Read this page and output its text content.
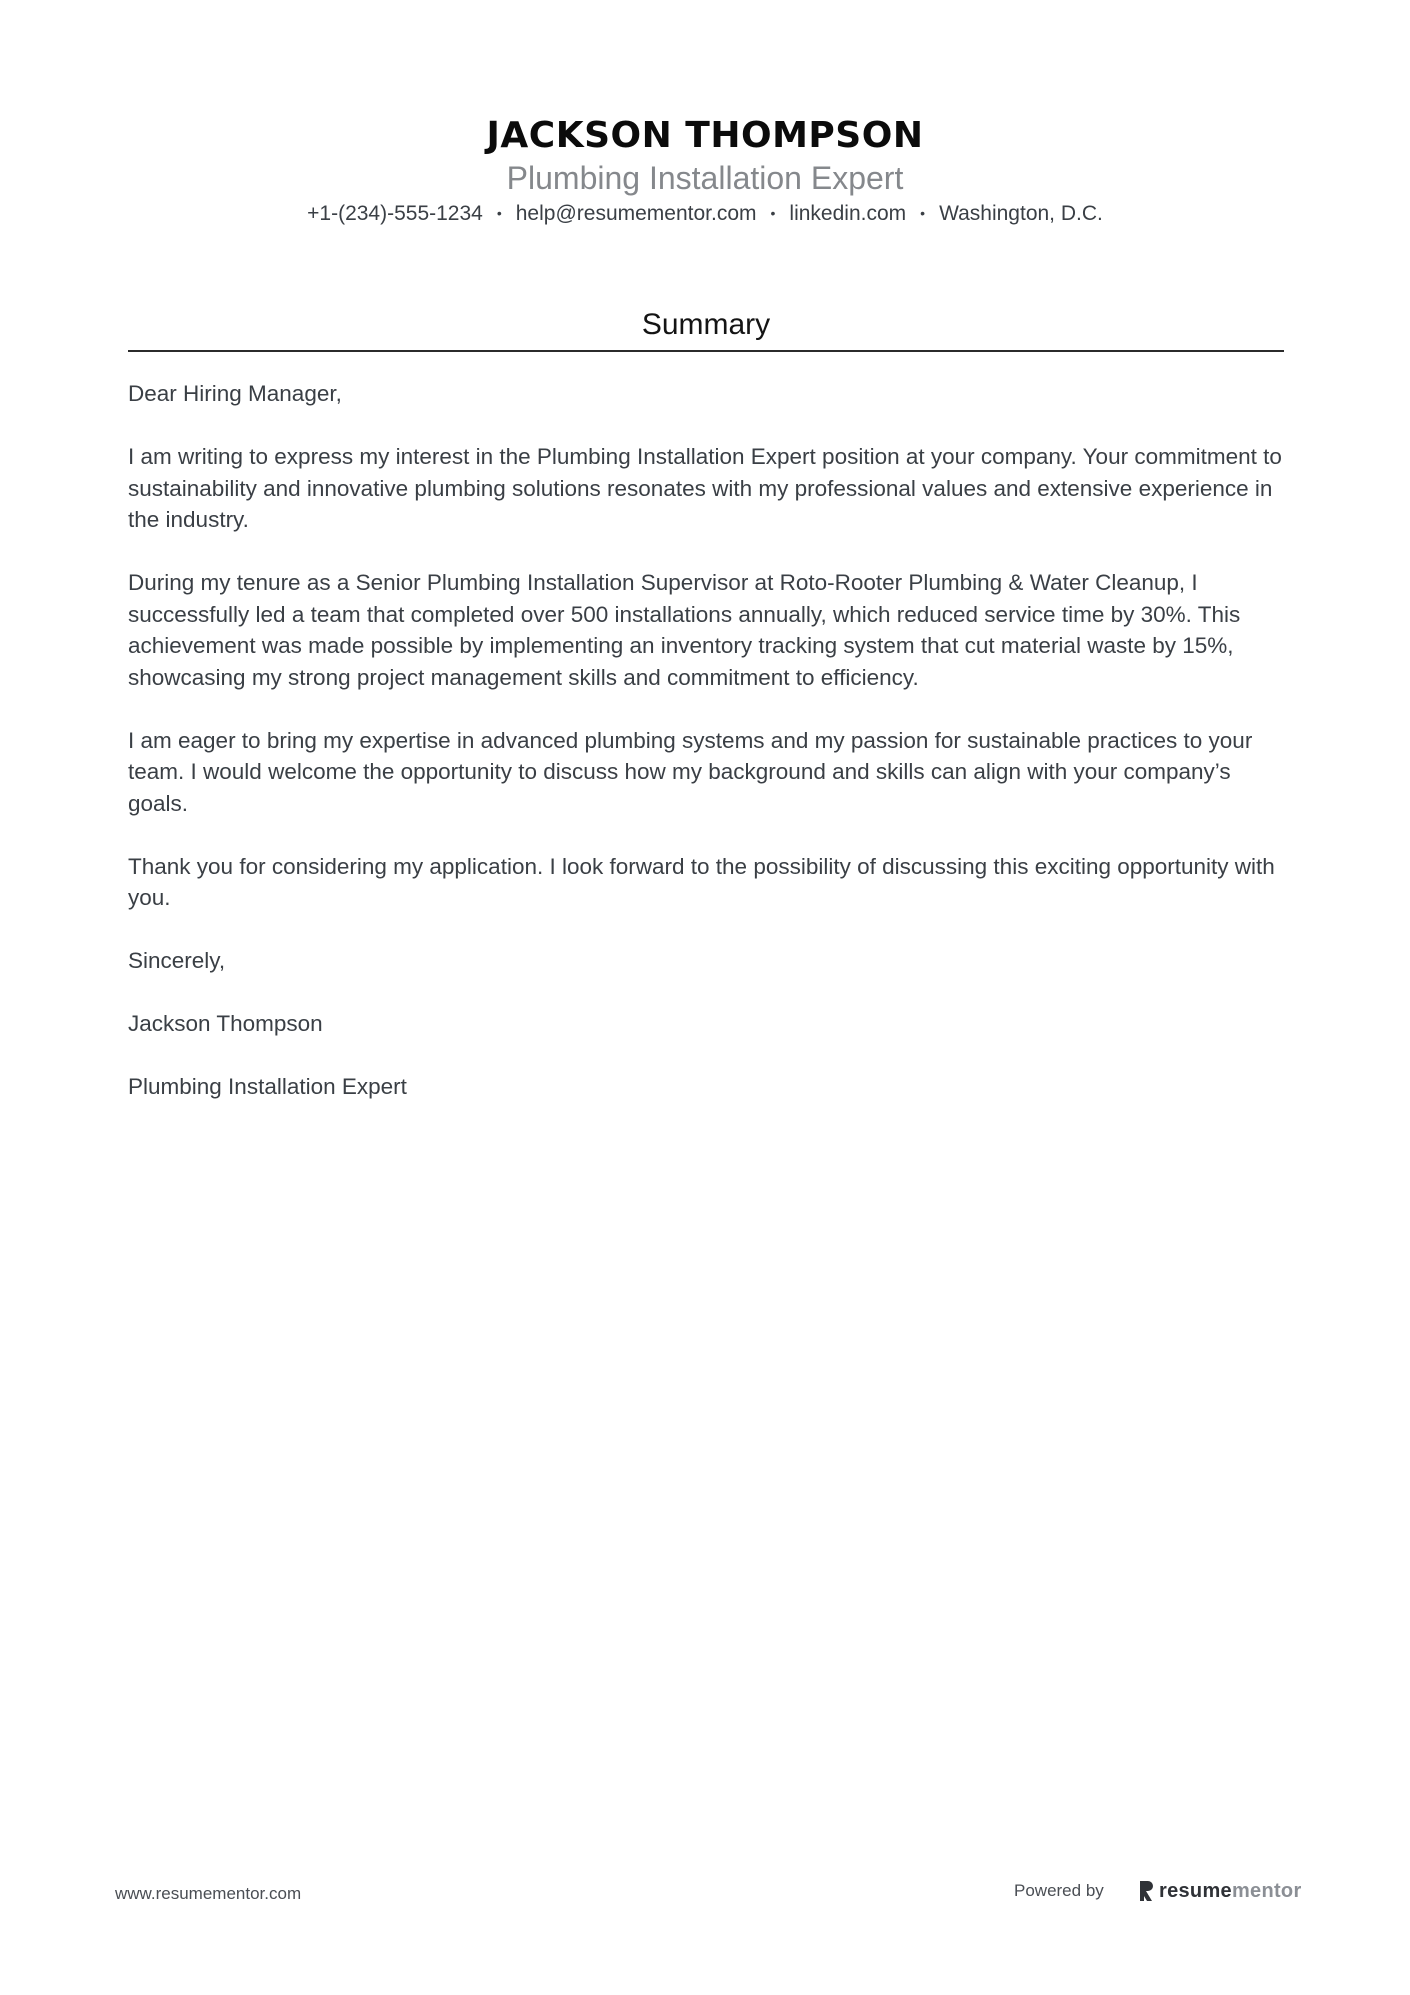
JACKSON THOMPSON
Plumbing Installation Expert
+1-(234)-555-1234 • help@resumementor.com • linkedin.com • Washington, D.C.
Summary

Dear Hiring Manager,

I am writing to express my interest in the Plumbing Installation Expert position at your company. Your commitment to sustainability and innovative plumbing solutions resonates with my professional values and extensive experience in the industry.

During my tenure as a Senior Plumbing Installation Supervisor at Roto-Rooter Plumbing & Water Cleanup, I successfully led a team that completed over 500 installations annually, which reduced service time by 30%. This achievement was made possible by implementing an inventory tracking system that cut material waste by 15%, showcasing my strong project management skills and commitment to efficiency.

I am eager to bring my expertise in advanced plumbing systems and my passion for sustainable practices to your team. I would welcome the opportunity to discuss how my background and skills can align with your company’s goals.

Thank you for considering my application. I look forward to the possibility of discussing this exciting opportunity with you.

Sincerely,

Jackson Thompson

Plumbing Installation Expert

www.resumementor.com	Powered by	resumementor
